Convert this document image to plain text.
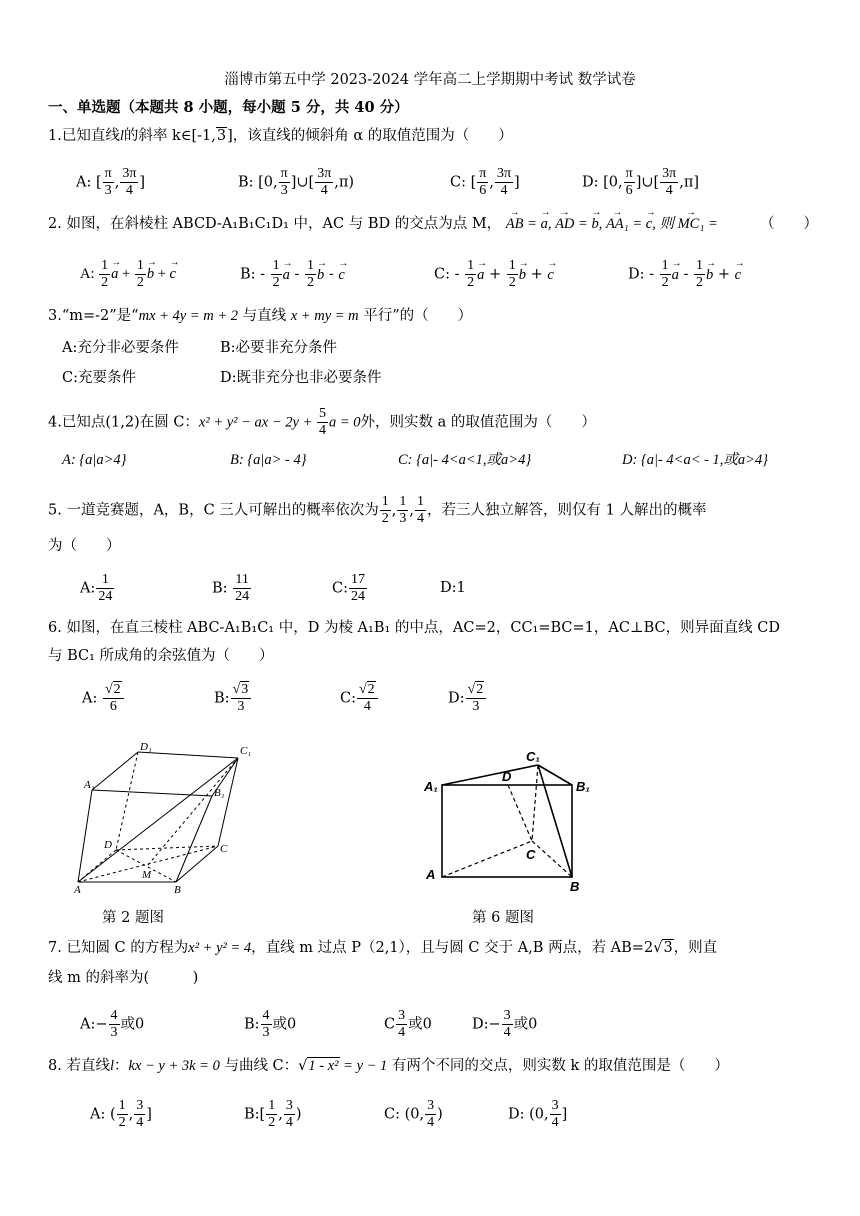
淄博市第五中学 2023-2024 学年高二上学期期中考试 数学试卷
一、单选题（本题共 8 小题，每小题 5 分，共 40 分）
1.已知直线l的斜率 k∈[-1,3]，该直线的倾斜角 α 的取值范围为（　　）
A: [ $\frac{\pi}{3}$ , $\frac{3\pi}{4}$ ]	B: [0, $\frac{\pi}{3}$ ]∪[ $\frac{3\pi}{4} ,\pi$)	C: [ $\frac{\pi}{6}$ , $\frac{3\pi}{4}$ ]	D: [0, $\frac{\pi}{6}$ ]∪[ $\frac{3\pi}{4} ,\pi$]
2. 如图，在斜棱柱 ABCD-A₁B₁C₁D₁ 中，AC 与 BD 的交点为点 M， → AB = → a, → AD = → b, → AA₁ = → c, 则 → MC₁ =	（　　）
A: $\frac{1}{2}$
→ $a + \frac{1}{2}$
→ b + → c	B: - $\frac{1}{2}$
→ a - $\frac{1}{2}$
→ b - → c	C: - $\frac{1}{2}$
→ $a + \frac{1}{2}$
→ b + → c	D: - $\frac{1}{2}$
→ a - $\frac{1}{2}$
→ b + → c
3.“m=-2”是“mx + 4y = m + 2 与直线 x + my = m 平行”的（　　）
A:充分非必要条件	B:必要非充分条件
C:充要条件	D:既非充分也非必要条件
4.已知点(1,2)在圆 C：x² + y² − ax − $2y + \frac{5}{4}$ a = 0外，则实数 a 的取值范围为（　　）
A: {a|a>4}	B: {a|a> - 4}	C: {a|- 4<a<1,或a>4}	D: {a|- 4<a< - 1,或a>4}
5. 一道竞赛题，A，B，C 三人可解出的概率依次为 $\frac{1}{2}$ , $\frac{1}{3}$ , $\frac{1}{4}$ ，若三人独立解答，则仅有 1 人解出的概率
为（　　）
A: $\frac{1}{24}$	B: $\frac{11}{24}$	C: $\frac{17}{24}$	D:1
6. 如图，在直三棱柱 ABC-A₁B₁C₁ 中，D 为棱 A₁B₁ 的中点，AC=2，CC₁=BC=1，AC⊥BC，则异面直线 CD
与 BC₁ 所成角的余弦值为（　　）
A: $\frac{√2}{6}$	B: $\frac{√3}{3}$	C: $\frac{√2}{4}$	D: $\frac{√2}{3}$
D₁	C₁
A₁
B₁
D	C
A
M
B
第 2 题图
C₁
A₁
D
B₁
C
A
B
第 6 题图
7. 已知圆 C 的方程为x² + y² = 4，直线 m 过点 P（2,1），且与圆 C 交于 A,B 两点，若 AB=2√3，则直
线 m 的斜率为(　　　)
A:− $\frac{4}{3}$ 或0	B: $\frac{4}{3}$ 或0	C $\frac{3}{4}$ 或0	D:− $\frac{3}{4}$ 或0
8. 若直线l：kx − y + 3k = 0 与曲线 C：√1 - x² = y − 1 有两个不同的交点，则实数 k 的取值范围是（　　）
A: ( $\frac{1}{2}$ , $\frac{3}{4}$ ]	B:[ $\frac{1}{2}$ , $\frac{3}{4}$ )	C: (0, $\frac{3}{4}$ )	D: (0, $\frac{3}{4}$ ]
